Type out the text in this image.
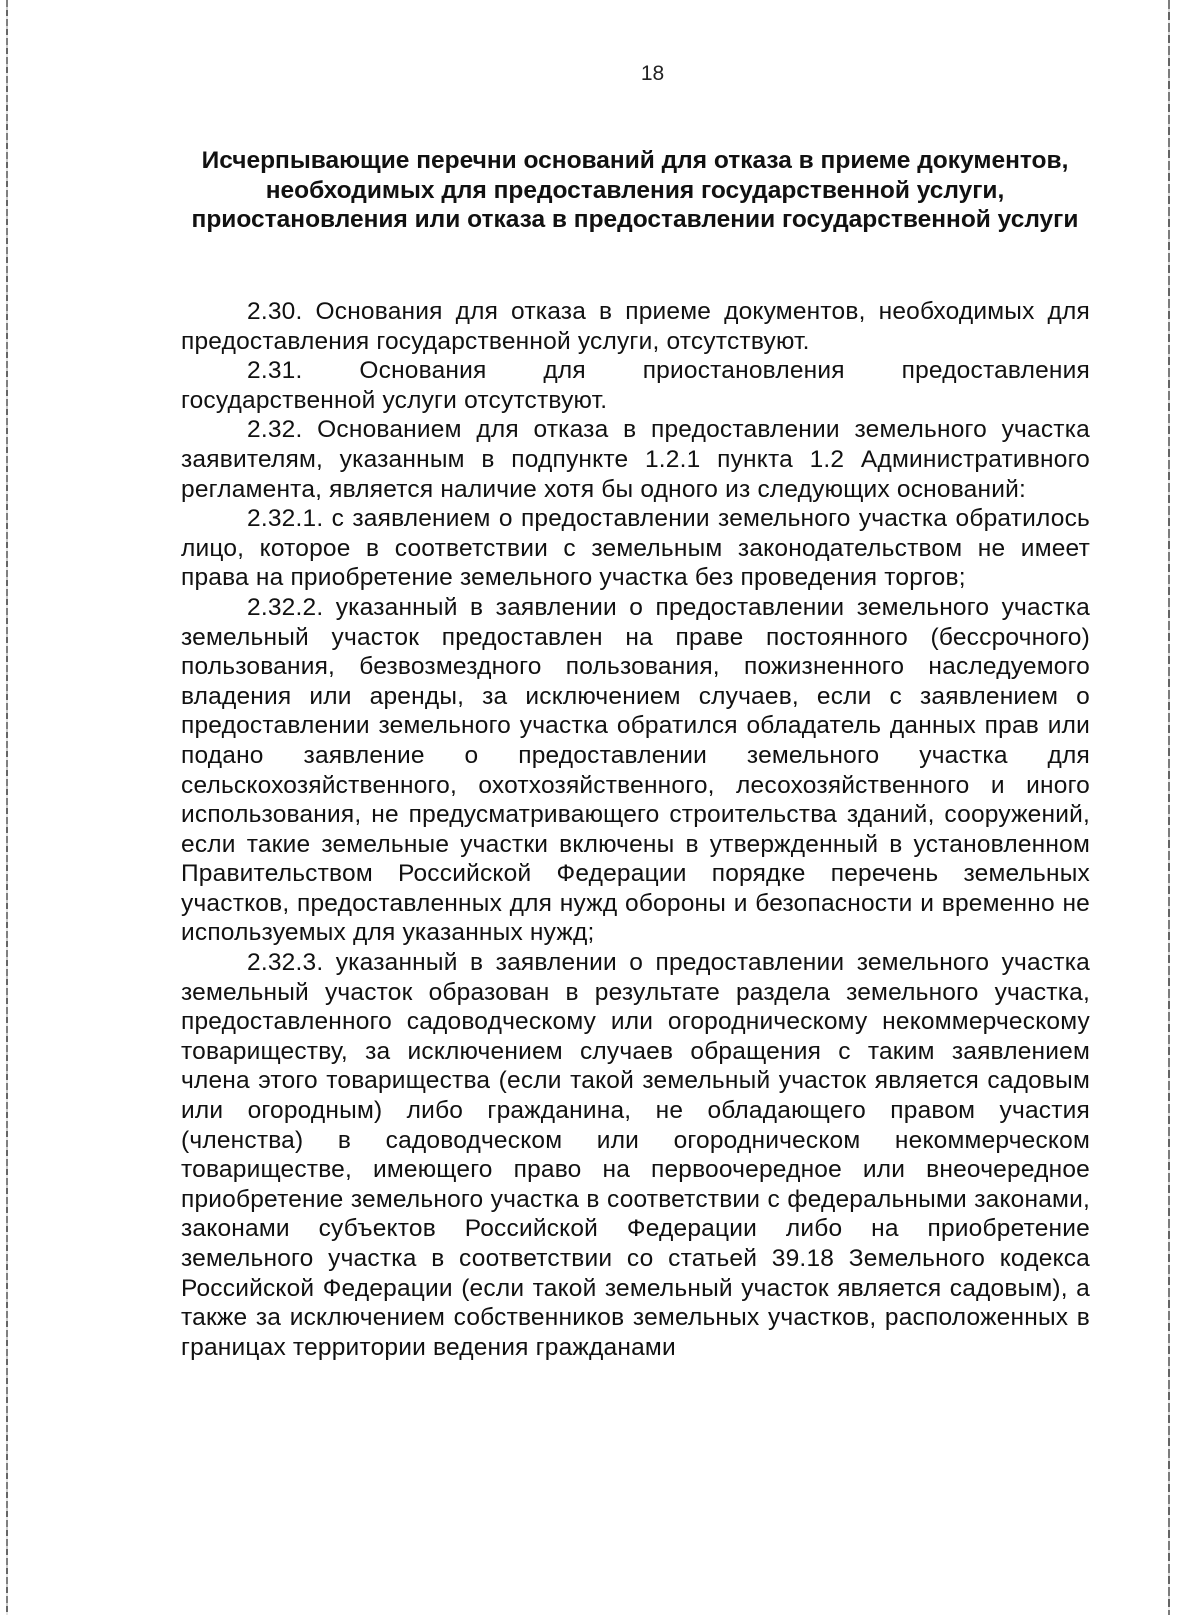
18
Исчерпывающие перечни оснований для отказа в приеме документов, необходимых для предоставления государственной услуги, приостановления или отказа в предоставлении государственной услуги

2.30. Основания для отказа в приеме документов, необходимых для предоставления государственной услуги, отсутствуют.

2.31. Основания для приостановления предоставления государственной услуги отсутствуют.

2.32. Основанием для отказа в предоставлении земельного участка заявителям, указанным в подпункте 1.2.1 пункта 1.2 Административного регламента, является наличие хотя бы одного из следующих оснований:

2.32.1. с заявлением о предоставлении земельного участка обратилось лицо, которое в соответствии с земельным законодательством не имеет права на приобретение земельного участка без проведения торгов;

2.32.2. указанный в заявлении о предоставлении земельного участка земельный участок предоставлен на праве постоянного (бессрочного) пользования, безвозмездного пользования, пожизненного наследуемого владения или аренды, за исключением случаев, если с заявлением о предоставлении земельного участка обратился обладатель данных прав или подано заявление о предоставлении земельного участка для сельскохозяйственного, охотхозяйственного, лесохозяйственного и иного использования, не предусматривающего строительства зданий, сооружений, если такие земельные участки включены в утвержденный в установленном Правительством Российской Федерации порядке перечень земельных участков, предоставленных для нужд обороны и безопасности и временно не используемых для указанных нужд;

2.32.3. указанный в заявлении о предоставлении земельного участка земельный участок образован в результате раздела земельного участка, предоставленного садоводческому или огородническому некоммерческому товариществу, за исключением случаев обращения с таким заявлением члена этого товарищества (если такой земельный участок является садовым или огородным) либо гражданина, не обладающего правом участия (членства) в садоводческом или огородническом некоммерческом товариществе, имеющего право на первоочередное или внеочередное приобретение земельного участка в соответствии с федеральными законами, законами субъектов Российской Федерации либо на приобретение земельного участка в соответствии со статьей 39.18 Земельного кодекса Российской Федерации (если такой земельный участок является садовым), а также за исключением собственников земельных участков, расположенных в границах территории ведения гражданами
